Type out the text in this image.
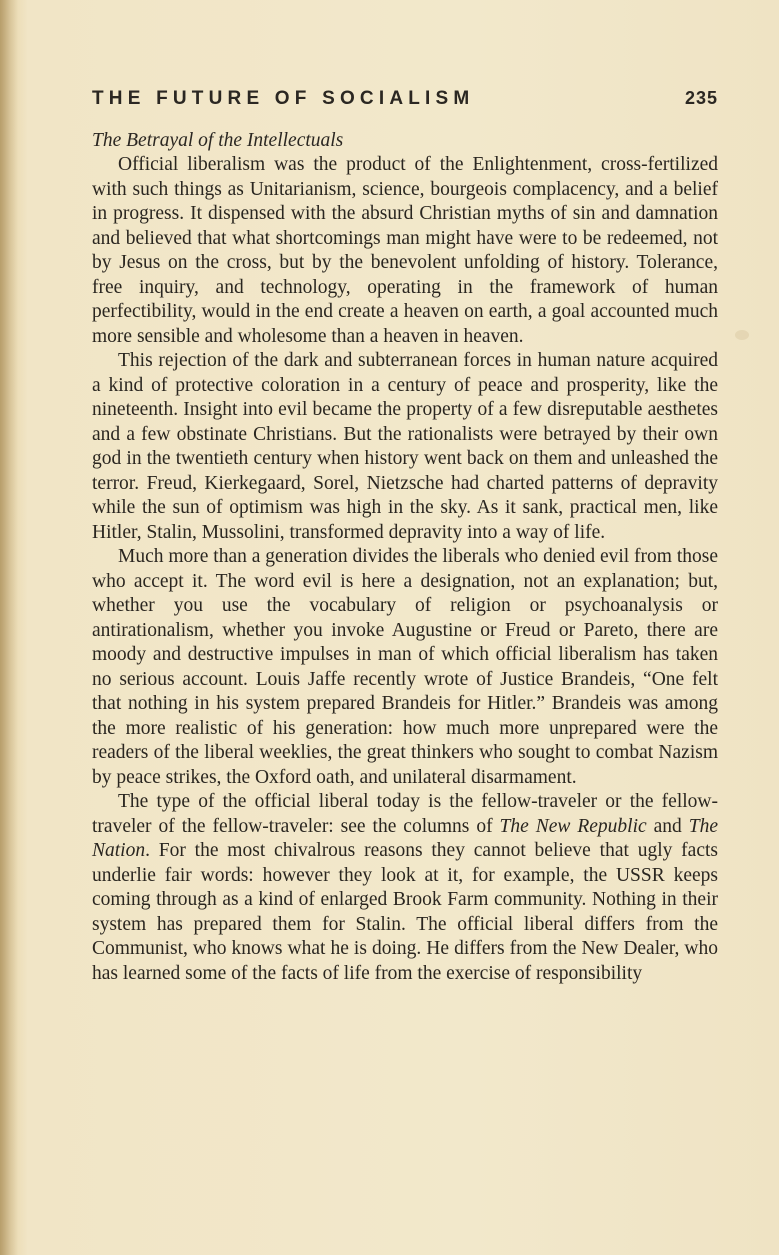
THE FUTURE OF SOCIALISM	235
The Betrayal of the Intellectuals

Official liberalism was the product of the Enlightenment, cross-fertilized with such things as Unitarianism, science, bourgeois complacency, and a belief in progress. It dispensed with the absurd Christian myths of sin and damnation and believed that what shortcomings man might have were to be redeemed, not by Jesus on the cross, but by the benevolent unfolding of history. Tolerance, free inquiry, and technology, operating in the framework of human perfectibility, would in the end create a heaven on earth, a goal accounted much more sensible and wholesome than a heaven in heaven.

This rejection of the dark and subterranean forces in human nature acquired a kind of protective coloration in a century of peace and prosperity, like the nineteenth. Insight into evil became the property of a few disreputable aesthetes and a few obstinate Christians. But the rationalists were betrayed by their own god in the twentieth century when history went back on them and unleashed the terror. Freud, Kierkegaard, Sorel, Nietzsche had charted patterns of depravity while the sun of optimism was high in the sky. As it sank, practical men, like Hitler, Stalin, Mussolini, transformed depravity into a way of life.

Much more than a generation divides the liberals who denied evil from those who accept it. The word evil is here a designation, not an explanation; but, whether you use the vocabulary of religion or psychoanalysis or antirationalism, whether you invoke Augustine or Freud or Pareto, there are moody and destructive impulses in man of which official liberalism has taken no serious account. Louis Jaffe recently wrote of Justice Brandeis, “One felt that nothing in his system prepared Brandeis for Hitler.” Brandeis was among the more realistic of his generation: how much more unprepared were the readers of the liberal weeklies, the great thinkers who sought to combat Nazism by peace strikes, the Oxford oath, and unilateral disarmament.

The type of the official liberal today is the fellow-traveler or the fellow-traveler of the fellow-traveler: see the columns of The New Republic and The Nation. For the most chivalrous reasons they cannot believe that ugly facts underlie fair words: however they look at it, for example, the USSR keeps coming through as a kind of enlarged Brook Farm community. Nothing in their system has prepared them for Stalin. The official liberal differs from the Communist, who knows what he is doing. He differs from the New Dealer, who has learned some of the facts of life from the exercise of responsibility
